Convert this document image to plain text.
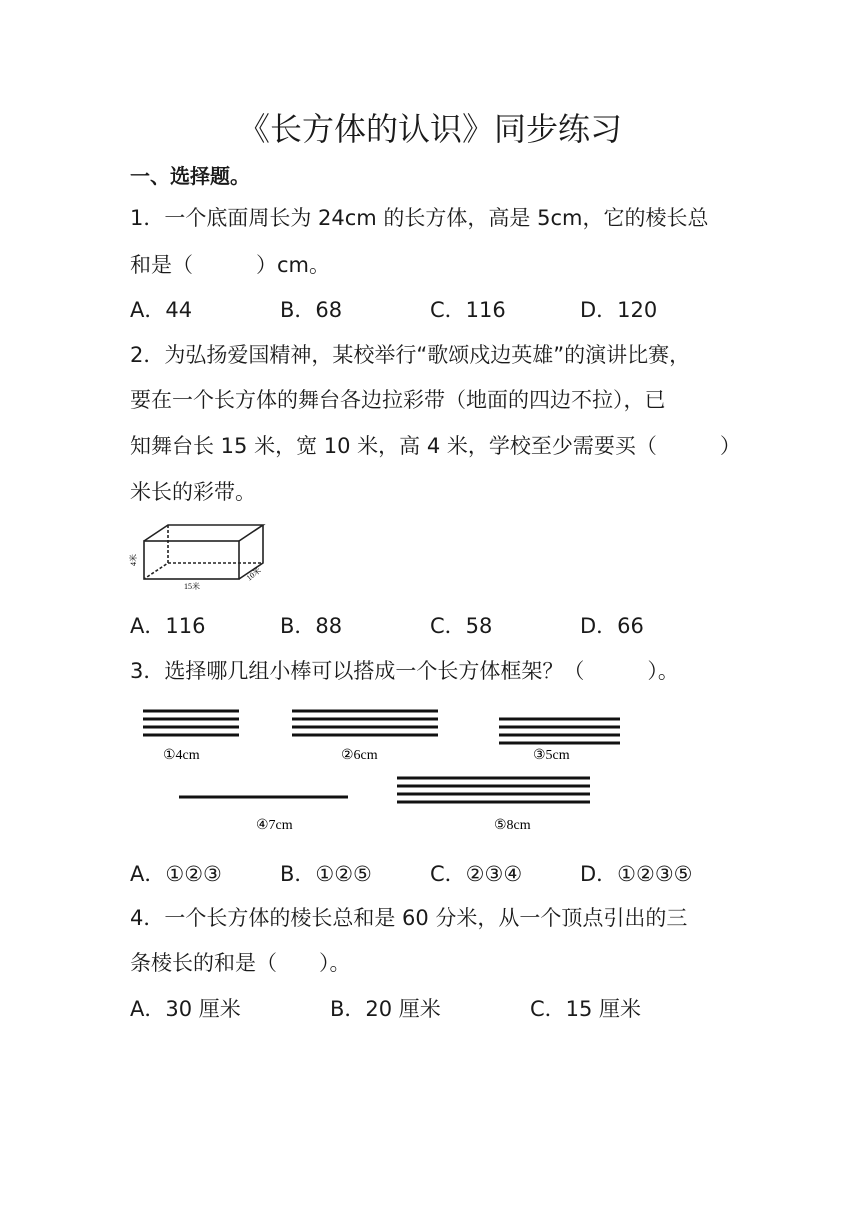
《长方体的认识》同步练习
一、选择题。
1．一个底面周长为 24cm 的长方体，高是 5cm，它的棱长总
和是（　　　）cm。
A．44	B．68	C．116	D．120
2．为弘扬爱国精神，某校举行“歌颂戍边英雄”的演讲比赛，
要在一个长方体的舞台各边拉彩带（地面的四边不拉），已
知舞台长 15 米，宽 10 米，高 4 米，学校至少需要买（　　　）
米长的彩带。
4米
15米
10米
A．116	B．88	C．58	D．66
3．选择哪几组小棒可以搭成一个长方体框架？（　　　）。
①4cm	②6cm	③5cm
④7cm	⑤8cm
A．①②③	B．①②⑤	C．②③④	D．①②③⑤
4．一个长方体的棱长总和是 60 分米，从一个顶点引出的三
条棱长的和是（　　）。
A．30 厘米	B．20 厘米	C．15 厘米
